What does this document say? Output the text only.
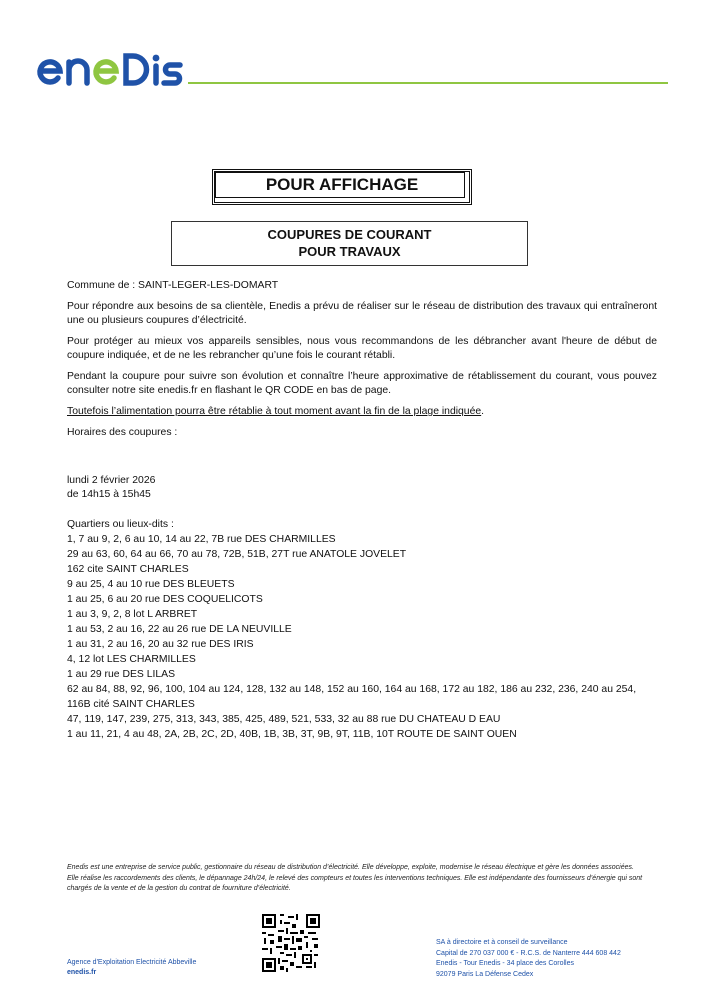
POUR AFFICHAGE
COUPURES DE COURANT
POUR TRAVAUX

Commune de : SAINT-LEGER-LES-DOMART

Pour répondre aux besoins de sa clientèle, Enedis a prévu de réaliser sur le réseau de distribution des travaux qui entraîneront une ou plusieurs coupures d’électricité.

Pour protéger au mieux vos appareils sensibles, nous vous recommandons de les débrancher avant l'heure de début de coupure indiquée, et de ne les rebrancher qu’une fois le courant rétabli.

Pendant la coupure pour suivre son évolution et connaître l’heure approximative de rétablissement du courant, vous pouvez consulter notre site enedis.fr en flashant le QR CODE en bas de page.

Toutefois l’alimentation pourra être rétablie à tout moment avant la fin de la plage indiquée.

Horaires des coupures :

lundi 2 février 2026
de 14h15 à 15h45
Quartiers ou lieux-dits :
1, 7 au 9, 2, 6 au 10, 14 au 22, 7B rue DES CHARMILLES
29 au 63, 60, 64 au 66, 70 au 78, 72B, 51B, 27T rue ANATOLE JOVELET
162 cite SAINT CHARLES
9 au 25, 4 au 10 rue DES BLEUETS
1 au 25, 6 au 20 rue DES COQUELICOTS
1 au 3, 9, 2, 8 lot L ARBRET
1 au 53, 2 au 16, 22 au 26 rue DE LA NEUVILLE
1 au 31, 2 au 16, 20 au 32 rue DES IRIS
4, 12 lot LES CHARMILLES
1 au 29 rue DES LILAS
62 au 84, 88, 92, 96, 100, 104 au 124, 128, 132 au 148, 152 au 160, 164 au 168, 172 au 182, 186 au 232, 236, 240 au 254, 116B cité SAINT CHARLES
47, 119, 147, 239, 275, 313, 343, 385, 425, 489, 521, 533, 32 au 88 rue DU CHATEAU D EAU
1 au 11, 21, 4 au 48, 2A, 2B, 2C, 2D, 40B, 1B, 3B, 3T, 9B, 9T, 11B, 10T ROUTE DE SAINT OUEN
Enedis est une entreprise de service public, gestionnaire du réseau de distribution d’électricité. Elle développe, exploite, modernise le réseau électrique et gère les données associées. Elle réalise les raccordements des clients, le dépannage 24h/24, le relevé des compteurs et toutes les interventions techniques. Elle est indépendante des fournisseurs d’énergie qui sont chargés de la vente et de la gestion du contrat de fourniture d’électricité.
Agence d'Exploitation Electricité Abbeville
enedis.fr
SA à directoire et à conseil de surveillance
Capital de 270 037 000 € - R.C.S. de Nanterre 444 608 442
Enedis - Tour Enedis - 34 place des Corolles
92079 Paris La Défense Cedex
